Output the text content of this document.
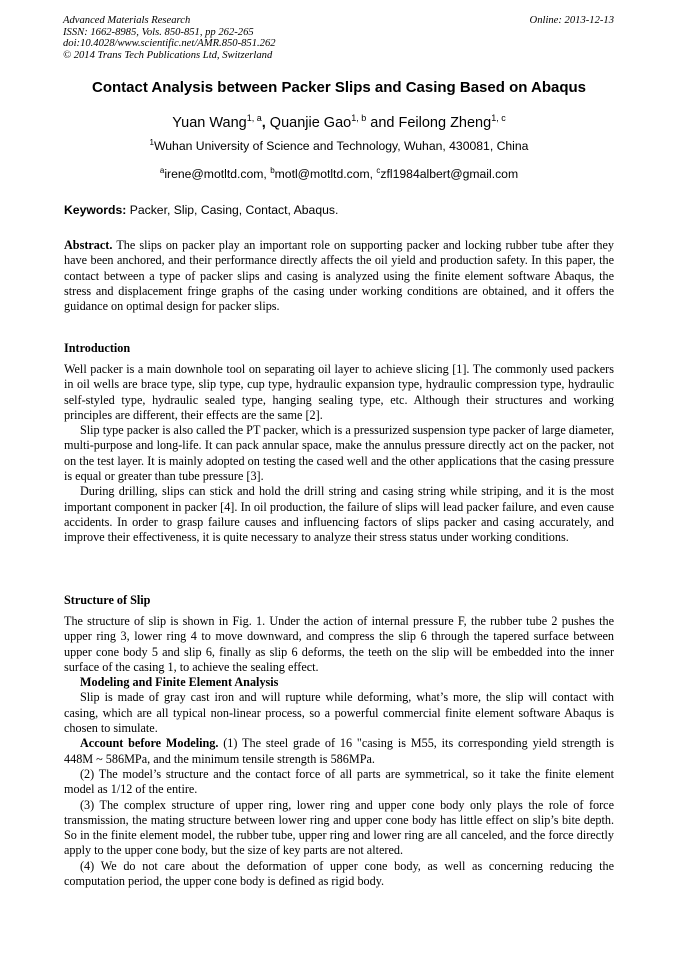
Advanced Materials Research
ISSN: 1662-8985, Vols. 850-851, pp 262-265
doi:10.4028/www.scientific.net/AMR.850-851.262
© 2014 Trans Tech Publications Ltd, Switzerland
Online: 2013-12-13
Contact Analysis between Packer Slips and Casing Based on Abaqus
Yuan Wang$^{1, a}$, Quanjie Gao$^{1, b}$ and Feilong Zheng$^{1, c}$
$^1$Wuhan University of Science and Technology, Wuhan, 430081, China
$^a$irene@motltd.com, $^b$motl@motltd.com, $^c$zfl1984albert@gmail.com
Keywords: Packer, Slip, Casing, Contact, Abaqus.

Abstract. The slips on packer play an important role on supporting packer and locking rubber tube after they have been anchored, and their performance directly affects the oil yield and production safety. In this paper, the contact between a type of packer slips and casing is analyzed using the finite element software Abaqus, the stress and displacement fringe graphs of the casing under working conditions are obtained, and it offers the guidance on optimal design for packer slips.

Introduction

Well packer is a main downhole tool on separating oil layer to achieve slicing [1]. The commonly used packers in oil wells are brace type, slip type, cup type, hydraulic expansion type, hydraulic compression type, hydraulic self-styled type, hydraulic sealed type, hanging sealing type, etc. Although their structures and working principles are different, their effects are the same [2].

Slip type packer is also called the PT packer, which is a pressurized suspension type packer of large diameter, multi-purpose and long-life. It can pack annular space, make the annulus pressure directly act on the packer, not on the test layer. It is mainly adopted on testing the cased well and the other applications that the casing pressure is equal or greater than tube pressure [3].

During drilling, slips can stick and hold the drill string and casing string while striping, and it is the most important component in packer [4]. In oil production, the failure of slips will lead packer failure, and even cause accidents. In order to grasp failure causes and influencing factors of slips packer and casing accurately, and improve their effectiveness, it is quite necessary to analyze their stress status under working conditions.

Structure of Slip

The structure of slip is shown in Fig. 1. Under the action of internal pressure F, the rubber tube 2 pushes the upper ring 3, lower ring 4 to move downward, and compress the slip 6 through the tapered surface between upper cone body 5 and slip 6, finally as slip 6 deforms, the teeth on the slip will be embedded into the inner surface of the casing 1, to achieve the sealing effect.

Modeling and Finite Element Analysis

Slip is made of gray cast iron and will rupture while deforming, what’s more, the slip will contact with casing, which are all typical non-linear process, so a powerful commercial finite element software Abaqus is chosen to simulate.

Account before Modeling. (1) The steel grade of 16 "casing is M55, its corresponding yield strength is 448M ~ 586MPa, and the minimum tensile strength is 586MPa.

(2) The model’s structure and the contact force of all parts are symmetrical, so it take the finite element model as 1/12 of the entire.

(3) The complex structure of upper ring, lower ring and upper cone body only plays the role of force transmission, the mating structure between lower ring and upper cone body has little effect on slip’s bite depth. So in the finite element model, the rubber tube, upper ring and lower ring are all canceled, and the force directly apply to the upper cone body, but the size of key parts are not altered.

(4) We do not care about the deformation of upper cone body, as well as concerning reducing the computation period, the upper cone body is defined as rigid body.
